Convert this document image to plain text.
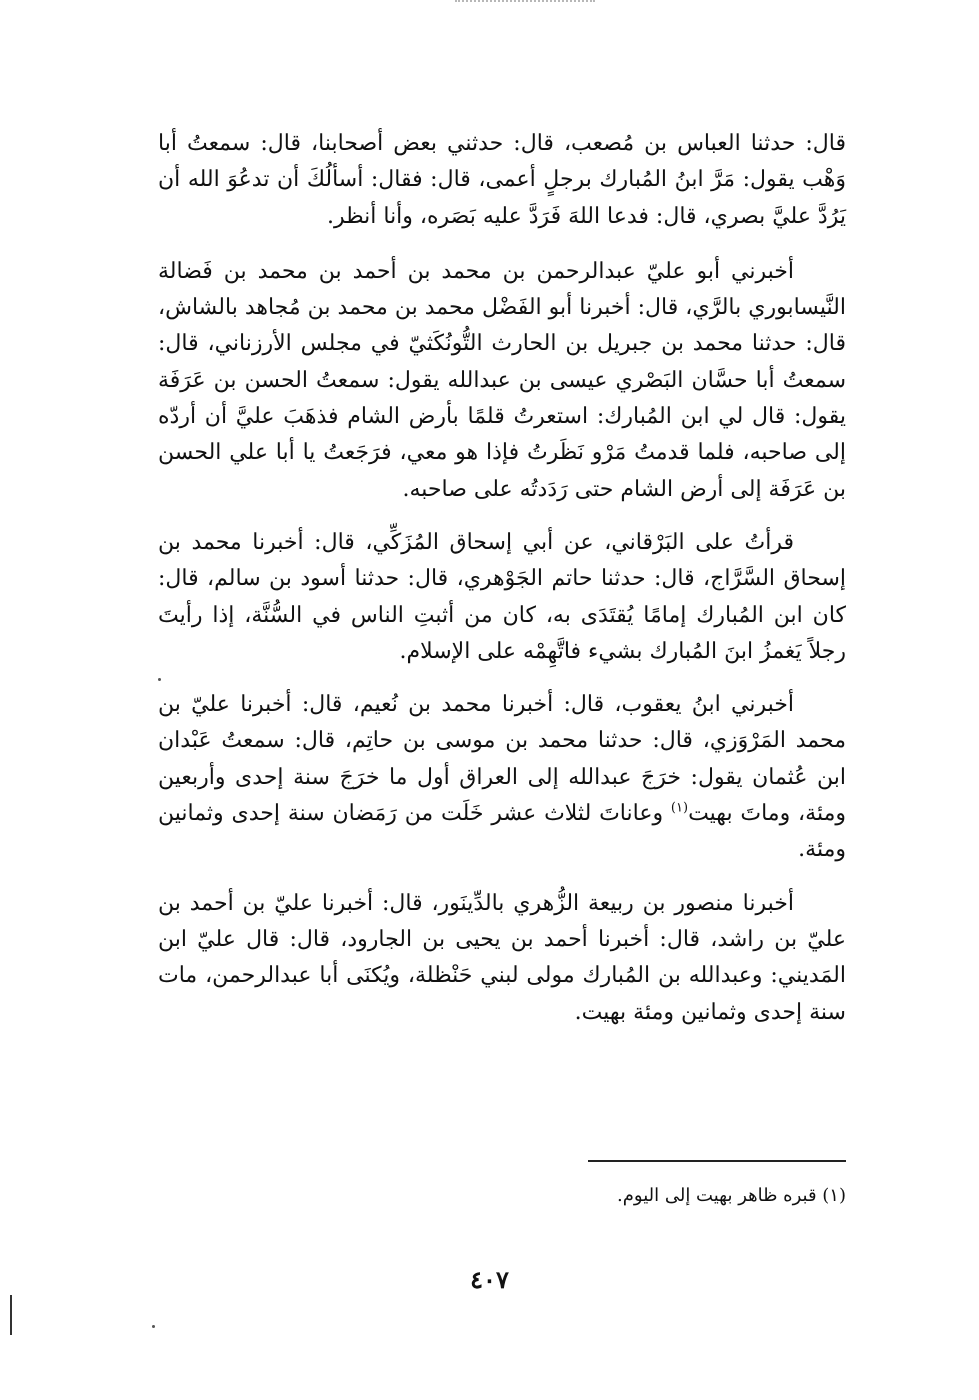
قال: حدثنا العباس بن مُصعب، قال: حدثني بعض أصحابنا، قال: سمعتُ أبا وَهْب يقول: مَرَّ ابنُ المُبارك برجلٍ أعمى، قال: فقال: أسألُكَ أن تدعُوَ الله أن يَرُدَّ عليَّ بصري، قال: فدعا اللهَ فَرَدَّ عليه بَصَره، وأنا أنظر.

أخبرني أبو عليّ عبدالرحمن بن محمد بن أحمد بن محمد بن فَضالة النَّيسابوري بالرَّي، قال: أخبرنا أبو الفَضْل محمد بن محمد بن مُجاهد بالشاش، قال: حدثنا محمد بن جبريل بن الحارث التُّونُكَثيّ في مجلس الأرزناني، قال: سمعتُ أبا حسَّان البَصْري عيسى بن عبدالله يقول: سمعتُ الحسن بن عَرَفَة يقول: قال لي ابن المُبارك: استعرتُ قلمًا بأرض الشام فذهَبَ عليَّ أن أردّه إلى صاحبه، فلما قدمتُ مَرْو نَظَرتُ فإذا هو معي، فرَجَعتُ يا أبا علي الحسن بن عَرَفَة إلى أرض الشام حتى رَدَدتُه على صاحبه.

قرأتُ على البَرْقاني، عن أبي إسحاق المُزَكِّي، قال: أخبرنا محمد بن إسحاق السَّرَّاج، قال: حدثنا حاتم الجَوْهري، قال: حدثنا أسود بن سالم، قال: كان ابن المُبارك إمامًا يُقتَدَى به، كان من أثبتِ الناس في السُّنَّة، إذا رأيتَ رجلاً يَغمزُ ابنَ المُبارك بشيء فاتَّهِمْه على الإسلام.

أخبرني ابنُ يعقوب، قال: أخبرنا محمد بن نُعيم، قال: أخبرنا عليّ بن محمد المَرْوَزي، قال: حدثنا محمد بن موسى بن حاتِم، قال: سمعتُ عَبْدان ابن عُثمان يقول: خرَجَ عبدالله إلى العراق أول ما خرَجَ سنة إحدى وأربعين ومئة، وماتَ بهيت$^{(١)}$ وعاناتَ لثلاث عشر خَلَت من رَمَضان سنة إحدى وثمانين ومئة.

أخبرنا منصور بن ربيعة الزُّهري بالدِّينَور، قال: أخبرنا عليّ بن أحمد بن عليّ بن راشد، قال: أخبرنا أحمد بن يحيى بن الجارود، قال: قال عليّ ابن المَديني: وعبدالله بن المُبارك مولى لبني حَنْظلة، ويُكنَى أبا عبدالرحمن، مات سنة إحدى وثمانين ومئة بهيت.

(١) قبره ظاهر بهيت إلى اليوم.
٤٠٧
